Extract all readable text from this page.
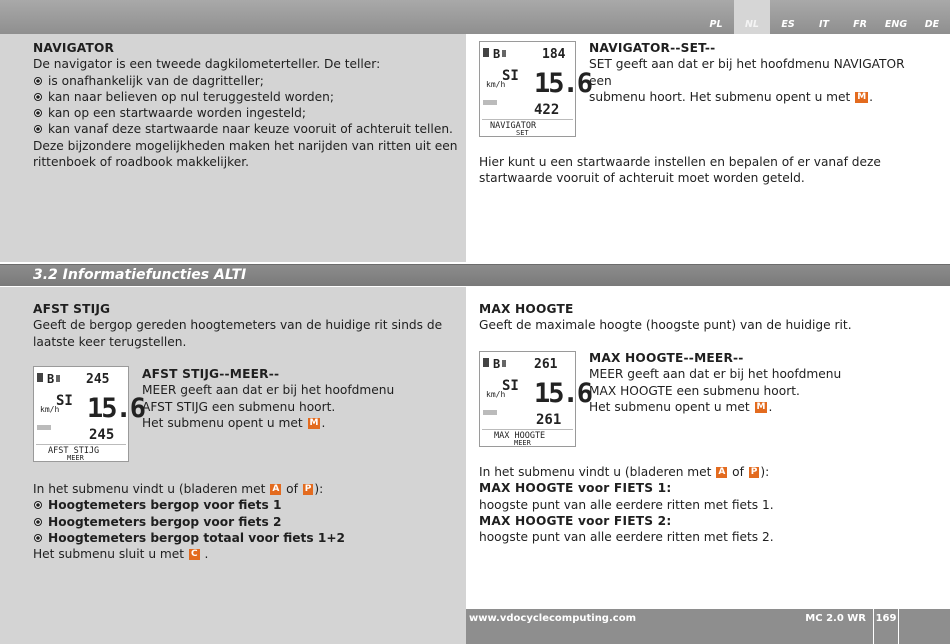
PL	NL	ES	IT	FR	ENG	DE
NAVIGATOR
De navigator is een tweede dagkilometerteller. De teller:
is onafhankelijk van de dagritteller;
kan naar believen op nul teruggesteld worden;
kan op een startwaarde worden ingesteld;
kan vanaf deze startwaarde naar keuze vooruit of achteruit tellen.
Deze bijzondere mogelijkheden maken het narijden van ritten uit een rittenboek of roadbook makkelijker.
B	184
SI
km/h 15.6
422
NAVIGATOR
SET
NAVIGATOR--SET--
SET geeft aan dat er bij het hoofdmenu NAVIGATOR een
submenu hoort. Het submenu opent u met M .
Hier kunt u een startwaarde instellen en bepalen of er vanaf deze startwaarde vooruit of achteruit moet worden geteld.
3.2 Informatiefuncties ALTI
AFST STIJG
Geeft de bergop gereden hoogtemeters van de huidige rit sinds de laatste keer terugstellen.
B 245
SI
km/h 15.6
245
AFST STIJG
MEER
AFST STIJG--MEER--
MEER geeft aan dat er bij het hoofdmenu
AFST STIJG een submenu hoort.
Het submenu opent u met M .
In het submenu vindt u (bladeren met A of P ):
Hoogtemeters bergop voor fiets 1
Hoogtemeters bergop voor fiets 2
Hoogtemeters bergop totaal voor fiets 1+2
Het submenu sluit u met C .
MAX HOOGTE
Geeft de maximale hoogte (hoogste punt) van de huidige rit.
B	261
SI
km/h 15.6
261
MAX HOOGTE
MEER
MAX HOOGTE--MEER--
MEER geeft aan dat er bij het hoofdmenu
MAX HOOGTE een submenu hoort.
Het submenu opent u met M .
In het submenu vindt u (bladeren met A of P ):
MAX HOOGTE voor FIETS 1:
hoogste punt van alle eerdere ritten met fiets 1.
MAX HOOGTE voor FIETS 2:
hoogste punt van alle eerdere ritten met fiets 2.
www.vdocyclecomputing.com	MC 2.0 WR 169
